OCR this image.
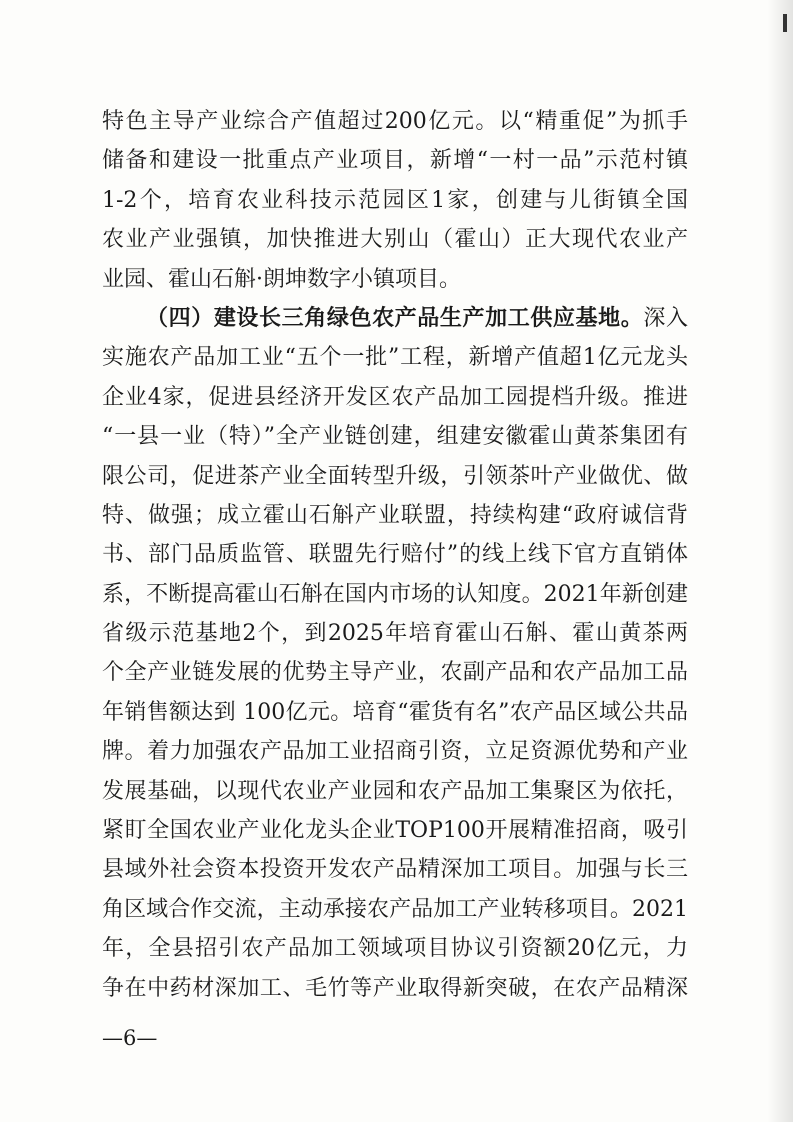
特色主导产业综合产值超过200亿元。以“精重促”为抓手
储备和建设一批重点产业项目，新增“一村一品”示范村镇
1-2个，培育农业科技示范园区1家，创建与儿街镇全国
农业产业强镇，加快推进大别山（霍山）正大现代农业产
业园、霍山石斛·朗坤数字小镇项目。
（四）建设长三角绿色农产品生产加工供应基地。深入
实施农产品加工业“五个一批”工程，新增产值超1亿元龙头
企业4家，促进县经济开发区农产品加工园提档升级。推进
“一县一业（特）”全产业链创建，组建安徽霍山黄茶集团有
限公司，促进茶产业全面转型升级，引领茶叶产业做优、做
特、做强；成立霍山石斛产业联盟，持续构建“政府诚信背
书、部门品质监管、联盟先行赔付”的线上线下官方直销体
系，不断提高霍山石斛在国内市场的认知度。2021年新创建
省级示范基地2个，到2025年培育霍山石斛、霍山黄茶两
个全产业链发展的优势主导产业，农副产品和农产品加工品
年销售额达到 100亿元。培育“霍货有名”农产品区域公共品
牌。着力加强农产品加工业招商引资，立足资源优势和产业
发展基础，以现代农业产业园和农产品加工集聚区为依托，
紧盯全国农业产业化龙头企业TOP100开展精准招商，吸引
县域外社会资本投资开发农产品精深加工项目。加强与长三
角区域合作交流，主动承接农产品加工产业转移项目。2021
年，全县招引农产品加工领域项目协议引资额20亿元，力
争在中药材深加工、毛竹等产业取得新突破，在农产品精深
—6—
